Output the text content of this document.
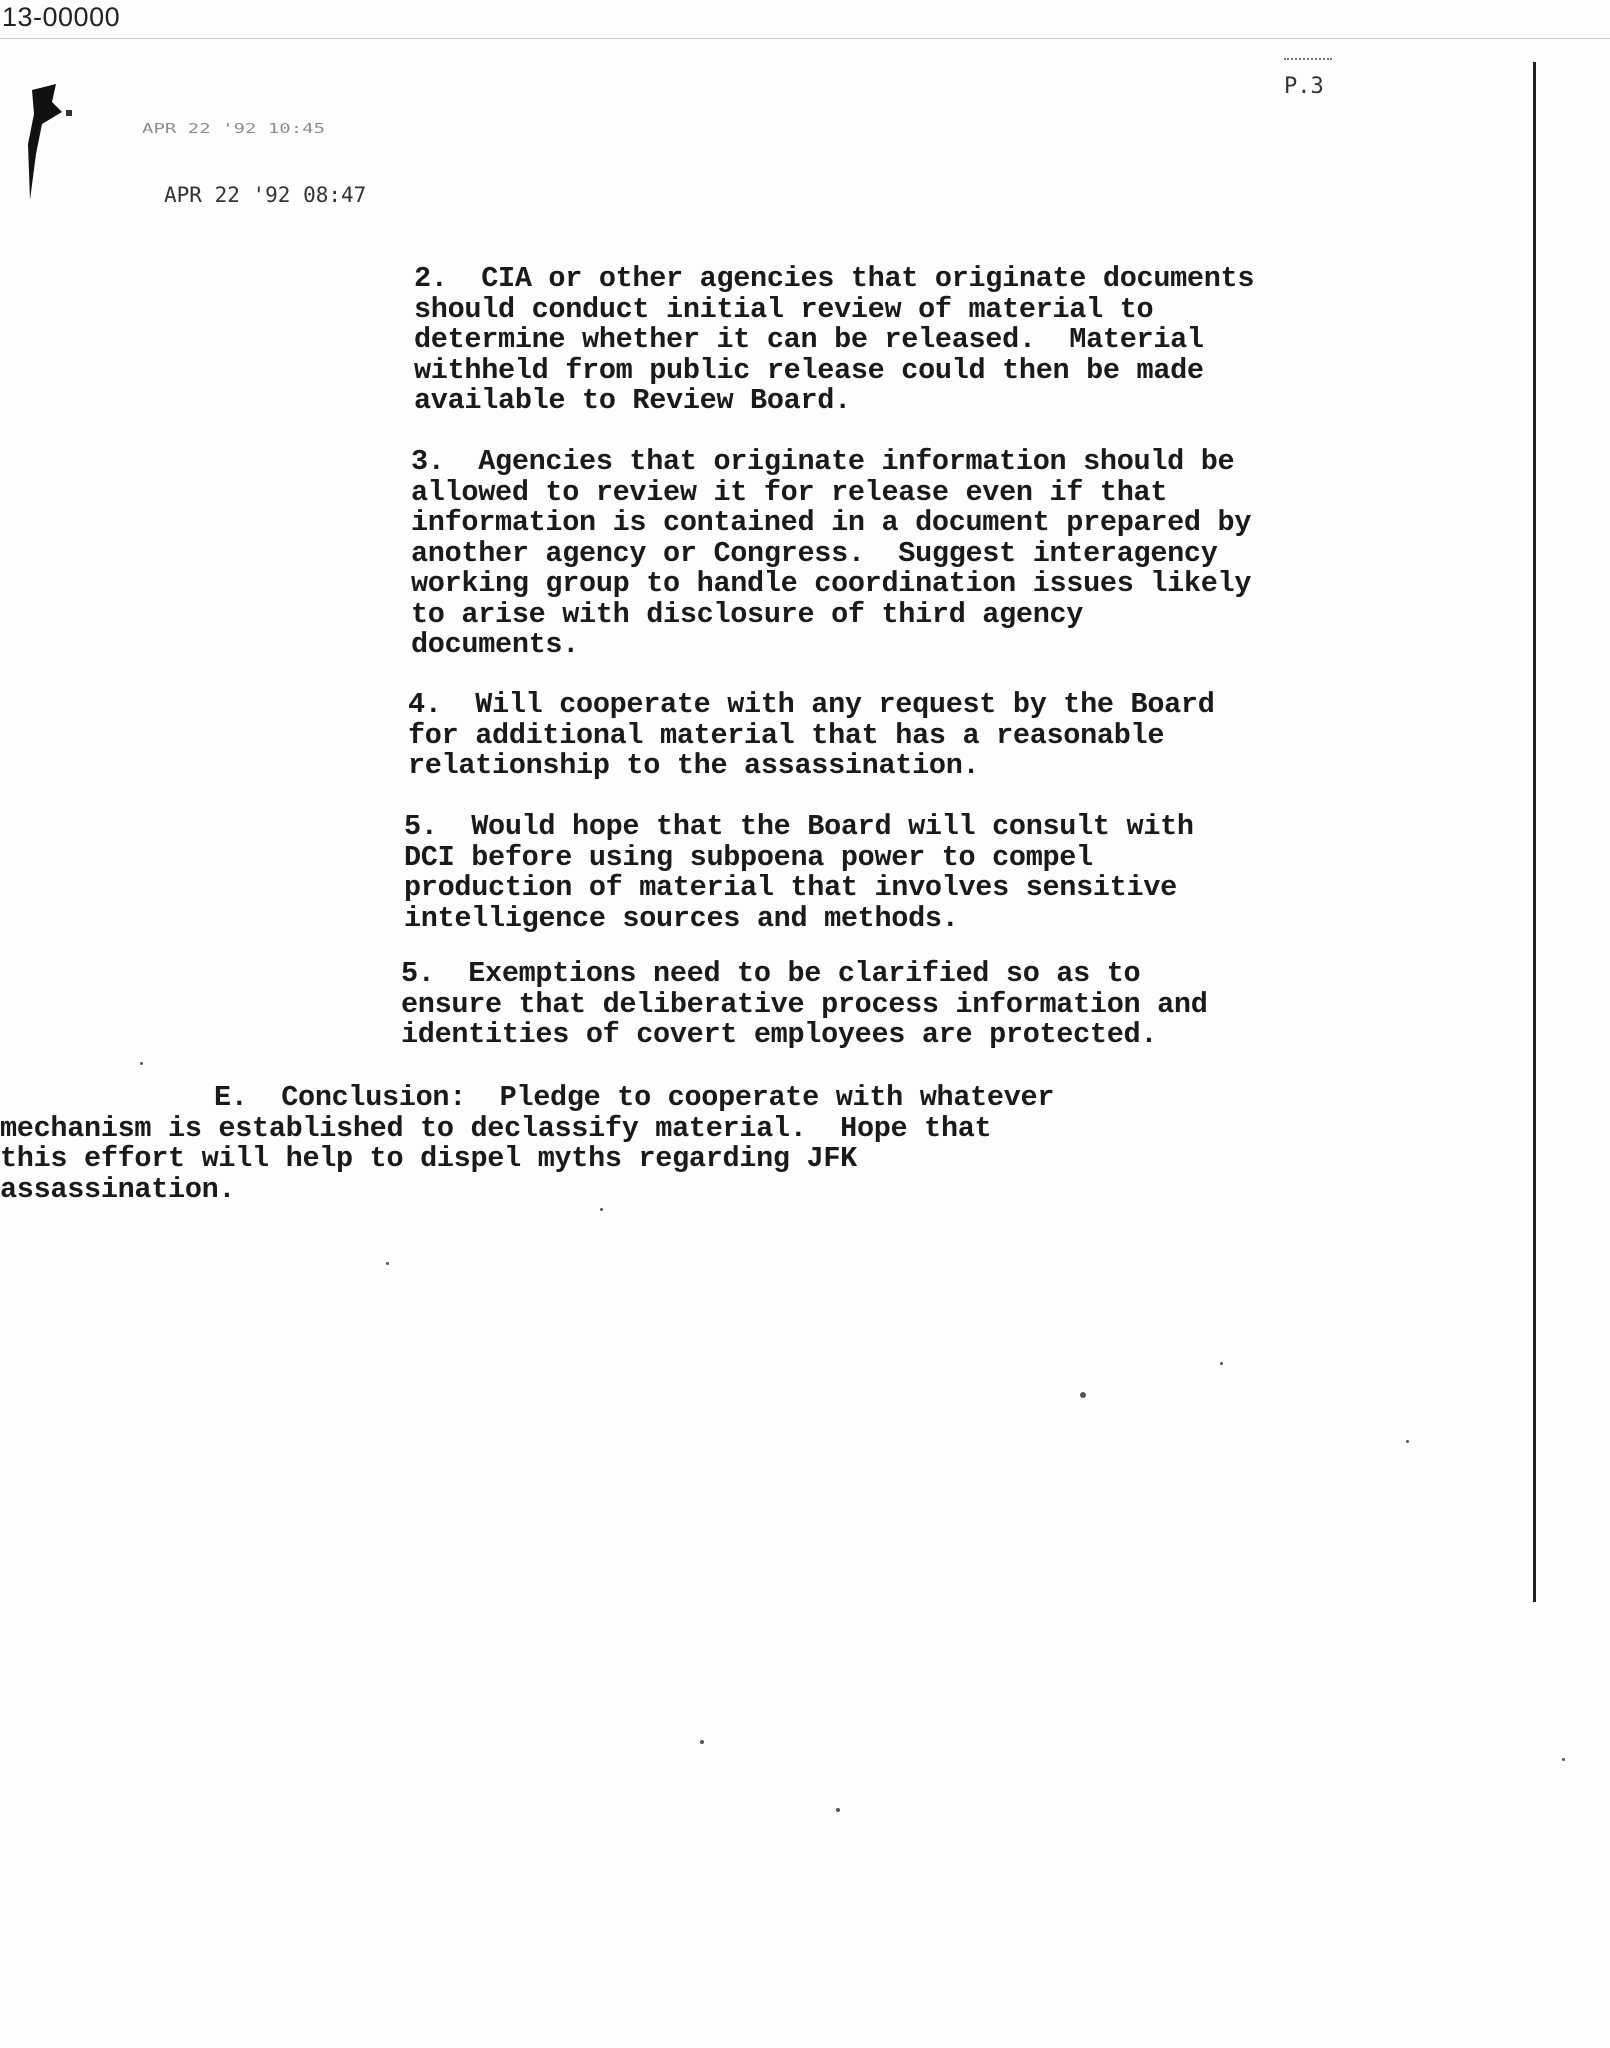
13-00000

APR 22 '92 10:45

APR 22 '92 08:47

P.3
2.  CIA or other agencies that originate documents
should conduct initial review of material to
determine whether it can be released.  Material
withheld from public release could then be made
available to Review Board.
3.  Agencies that originate information should be
allowed to review it for release even if that
information is contained in a document prepared by
another agency or Congress.  Suggest interagency
working group to handle coordination issues likely
to arise with disclosure of third agency
documents.
4.  Will cooperate with any request by the Board
for additional material that has a reasonable
relationship to the assassination.
5.  Would hope that the Board will consult with
DCI before using subpoena power to compel
production of material that involves sensitive
intelligence sources and methods.
5.  Exemptions need to be clarified so as to
ensure that deliberative process information and
identities of covert employees are protected.
E.  Conclusion:  Pledge to cooperate with whatever
mechanism is established to declassify material.  Hope that
this effort will help to dispel myths regarding JFK
assassination.
